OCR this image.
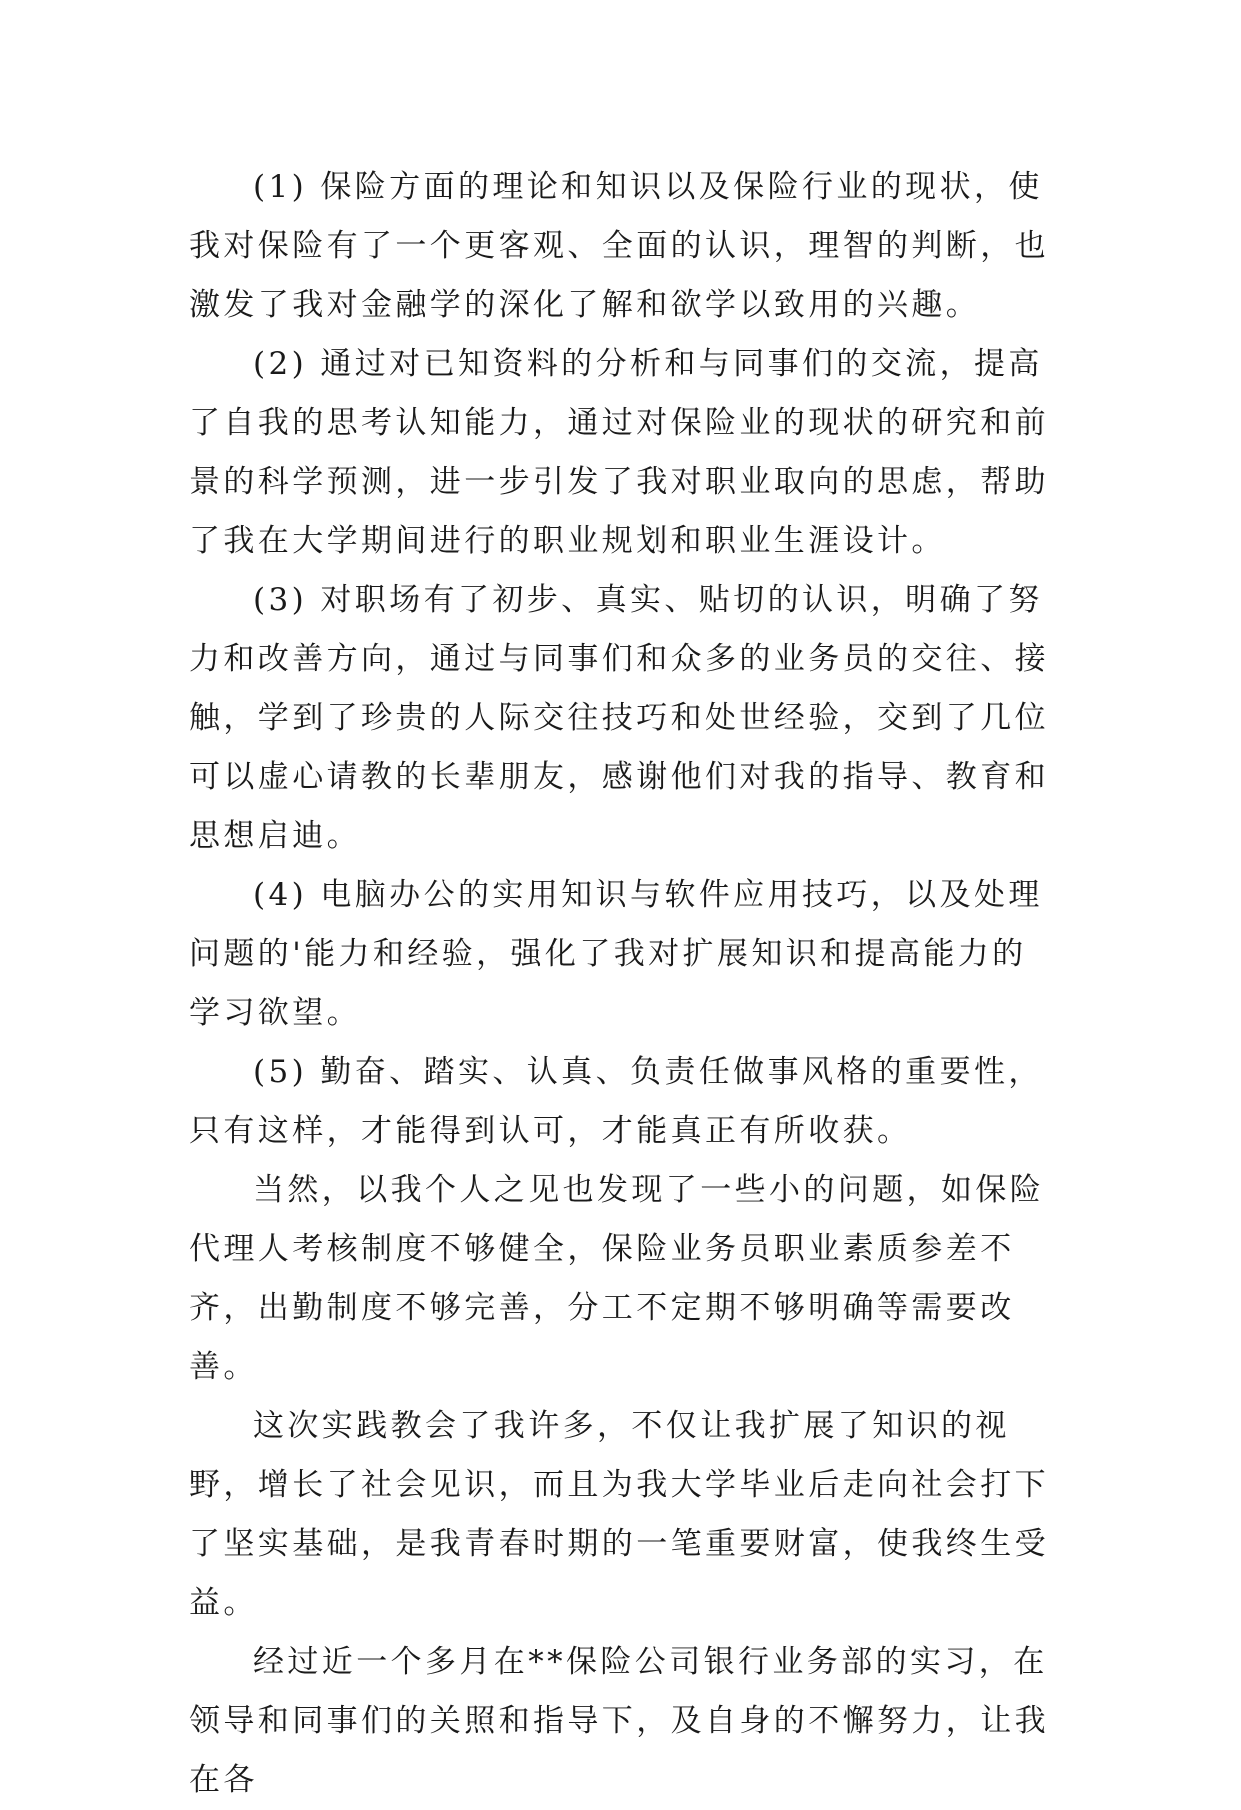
(1) 保险方面的理论和知识以及保险行业的现状，使我对保险有了一个更客观、全面的认识，理智的判断，也激发了我对金融学的深化了解和欲学以致用的兴趣。

(2) 通过对已知资料的分析和与同事们的交流，提高了自我的思考认知能力，通过对保险业的现状的研究和前景的科学预测，进一步引发了我对职业取向的思虑，帮助了我在大学期间进行的职业规划和职业生涯设计。

(3) 对职场有了初步、真实、贴切的认识，明确了努力和改善方向，通过与同事们和众多的业务员的交往、接触，学到了珍贵的人际交往技巧和处世经验，交到了几位可以虚心请教的长辈朋友，感谢他们对我的指导、教育和思想启迪。

(4) 电脑办公的实用知识与软件应用技巧，以及处理问题的'能力和经验，强化了我对扩展知识和提高能力的学习欲望。

(5) 勤奋、踏实、认真、负责任做事风格的重要性，只有这样，才能得到认可，才能真正有所收获。

当然，以我个人之见也发现了一些小的问题，如保险代理人考核制度不够健全，保险业务员职业素质参差不齐，出勤制度不够完善，分工不定期不够明确等需要改善。

这次实践教会了我许多，不仅让我扩展了知识的视野，增长了社会见识，而且为我大学毕业后走向社会打下了坚实基础，是我青春时期的一笔重要财富，使我终生受益。

经过近一个多月在**保险公司银行业务部的实习，在领导和同事们的关照和指导下，及自身的不懈努力，让我在各
